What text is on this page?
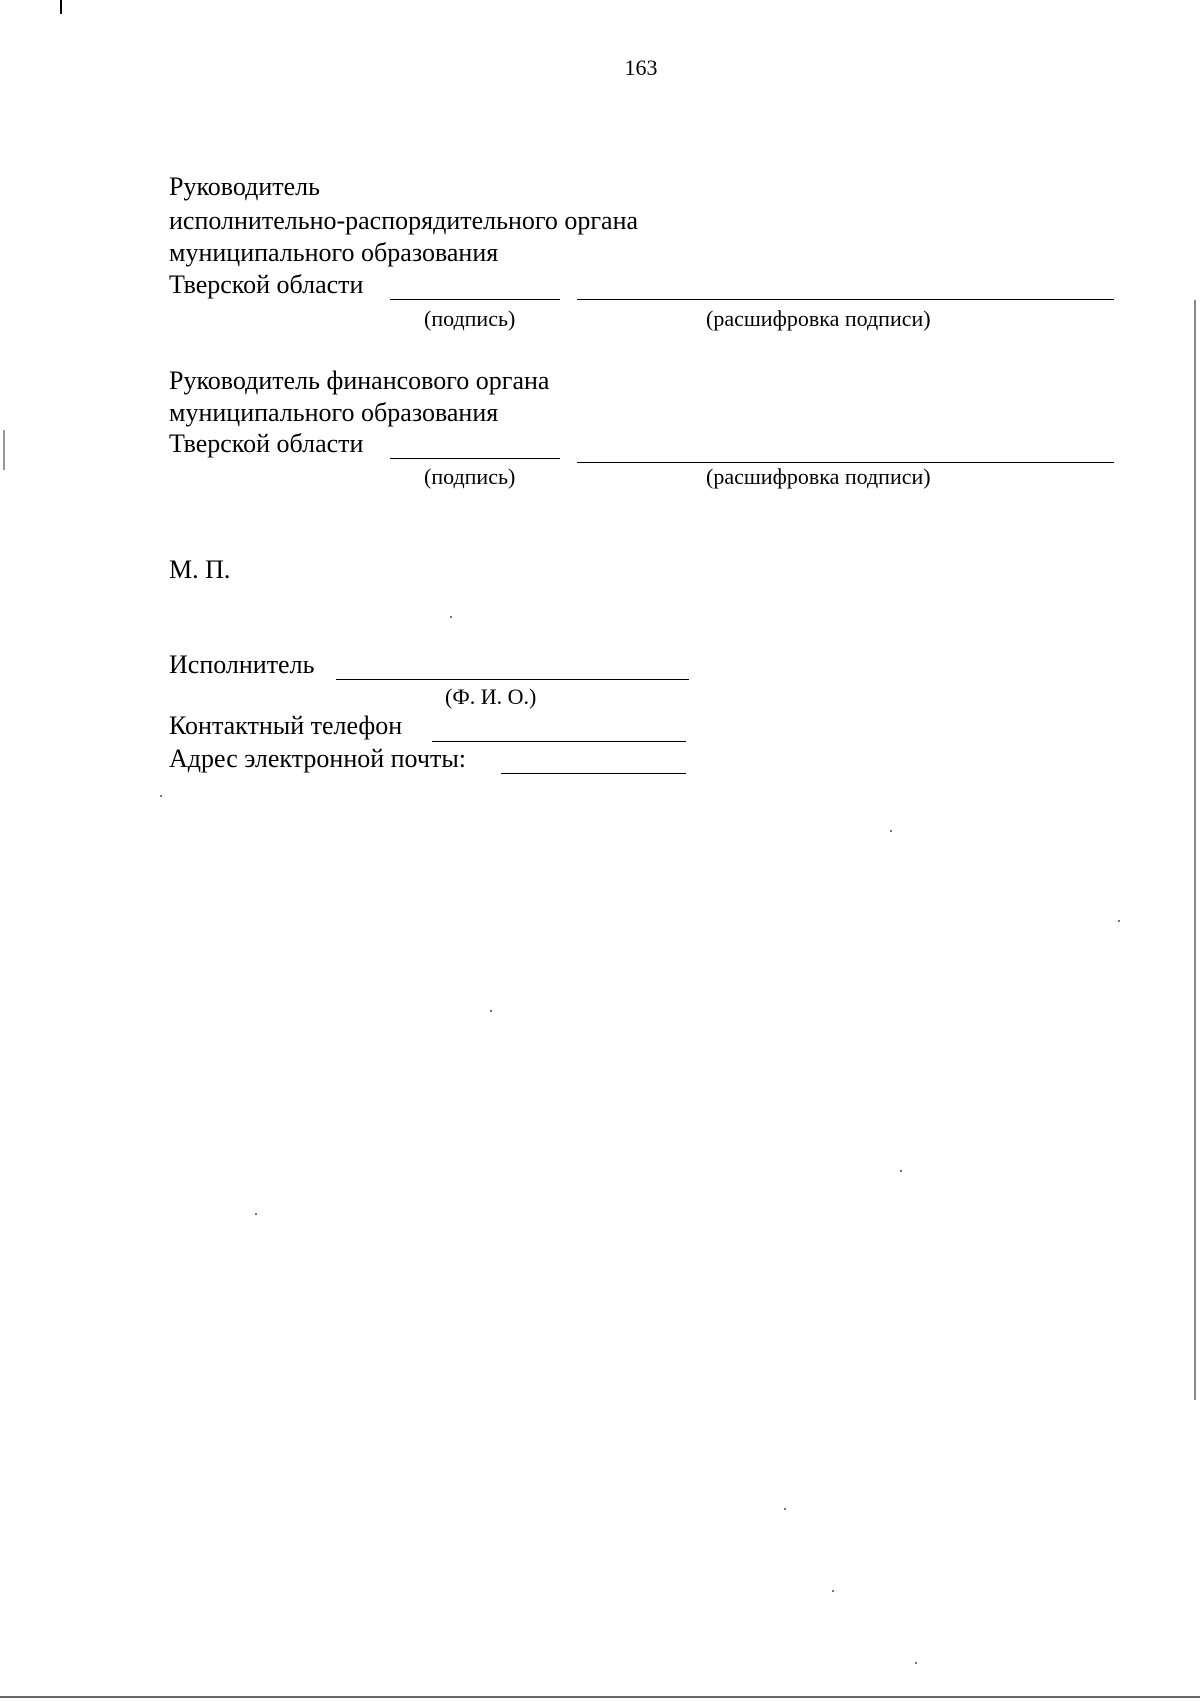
163
Руководитель
исполнительно-распорядительного органа
муниципального образования
Тверской области
(подпись)	(расшифровка подписи)
Руководитель финансового органа
муниципального образования
Тверской области
(подпись)	(расшифровка подписи)
М. П.
Исполнитель
(Ф. И. О.)
Контактный телефон
Адрес электронной почты:
